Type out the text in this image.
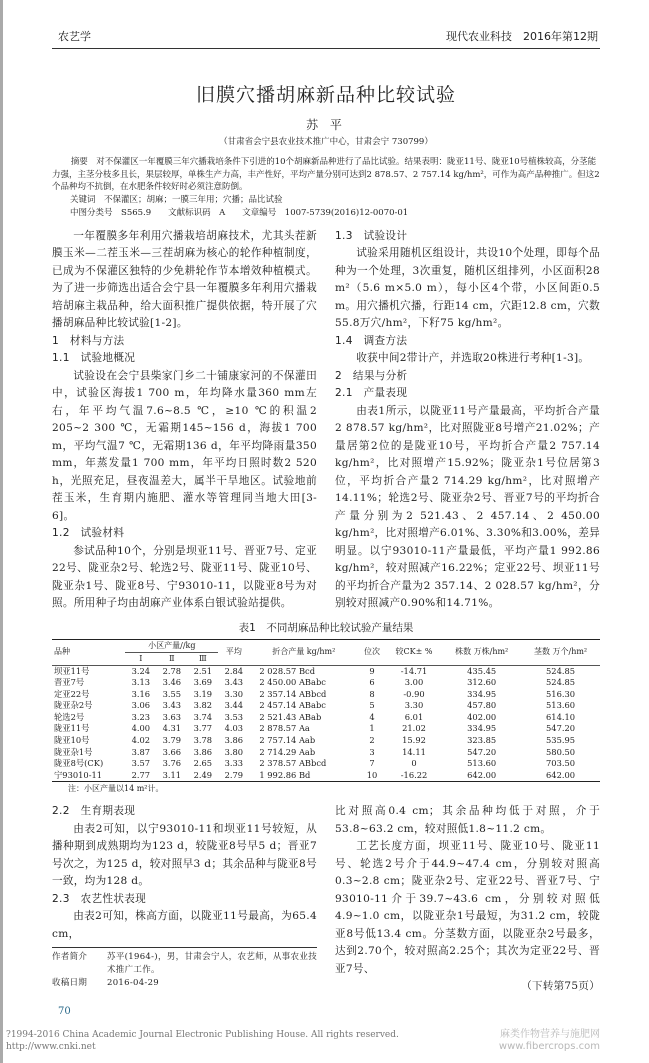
农艺学	现代农业科技　 2016年第12期
旧膜穴播胡麻新品种比较试验
苏 平
（甘肃省会宁县农业技术推广中心，甘肃会宁 730799）
摘要　对不保灌区一年覆膜三年穴播栽培条件下引进的10个胡麻新品种进行了品比试验。结果表明：陇亚11号、陇亚10号植株较高，分茎能力强，主茎分枝多且长，果层较厚，单株生产力高，丰产性好，平均产量分别可达到2 878.57、2 757.14 kg/hm²，可作为高产品种推广。但这2个品种均不抗倒，在水肥条件较好时必须注意防倒。
关键词　不保灌区；胡麻；一膜三年用；穴播；品比试验
中图分类号　S565.9　　文献标识码　A　　文章编号　1007-5739(2016)12-0070-01

一年覆膜多年利用穴播栽培胡麻技术，尤其头茬新膜玉米—二茬玉米—三茬胡麻为核心的轮作种植制度，已成为不保灌区独特的少免耕轮作节本增效种植模式。为了进一步筛选出适合会宁县一年覆膜多年利用穴播栽培胡麻主栽品种，给大面积推广提供依据，特开展了穴播胡麻品种比较试验[1-2]。

1　材料与方法
1.1　试验地概况

试验设在会宁县柴家门乡二十铺康家河的不保灌田中，试验区海拔1 700 m，年均降水量360 mm左右，年平均气温7.6~8.5 ℃，≥10 ℃的积温2 205~2 300 ℃，无霜期145~156 d，海拔1 700 m，平均气温7 ℃，无霜期136 d，年平均降雨量350 mm，年蒸发量1 700 mm，年平均日照时数2 520 h，光照充足，昼夜温差大，属半干旱地区。试验地前茬玉米，生育期内施肥、灌水等管理同当地大田[3-6]。

1.2　试验材料

参试品种10个，分别是坝亚11号、晋亚7号、定亚22号、陇亚杂2号、轮选2号、陇亚11号、陇亚10号、陇亚杂1号、陇亚8号、宁93010-11，以陇亚8号为对照。所用种子均由胡麻产业体系白银试验站提供。

1.3　试验设计

试验采用随机区组设计，共设10个处理，即每个品种为一个处理，3次重复，随机区组排列，小区面积28 m²（5.6 m×5.0 m），每小区4个带，小区间距0.5 m。用穴播机穴播，行距14 cm，穴距12.8 cm，穴数55.8万穴/hm²，下籽75 kg/hm²。

1.4　调查方法

收获中间2带计产，并选取20株进行考种[1-3]。

2　结果与分析
2.1　产量表现

由表1所示，以陇亚11号产量最高，平均折合产量2 878.57 kg/hm²，比对照陇亚8号增产21.02%；产量居第2位的是陇亚10号，平均折合产量2 757.14 kg/hm²，比对照增产15.92%；陇亚杂1号位居第3位，平均折合产量2 714.29 kg/hm²，比对照增产14.11%；轮选2号、陇亚杂2号、晋亚7号的平均折合产量分别为2 521.43、2 457.14、2 450.00 kg/hm²，比对照增产6.01%、3.30%和3.00%，差异明显。以宁93010-11产量最低，平均产量1 992.86 kg/hm²，较对照减产16.22%；定亚22号、坝亚11号的平均折合产量为2 357.14、2 028.57 kg/hm²，分别较对照减产0.90%和14.71%。

表1　不同胡麻品种比较试验产量结果
品种	小区产量//kg			平均	折合产量 kg/hm²	位次	较CK± %	株数 万株/hm²	茎数 万个/hm²
	Ⅰ	Ⅱ	Ⅲ						
坝亚11号	3.24	2.78	2.51	2.84	2 028.57 Bcd	9	-14.71	435.45	524.85
晋亚7号	3.13	3.46	3.69	3.43	2 450.00 ABabc	6	3.00	312.60	524.85
定亚22号	3.16	3.55	3.19	3.30	2 357.14 ABbcd	8	-0.90	334.95	516.30
陇亚杂2号	3.06	3.43	3.82	3.44	2 457.14 ABabc	5	3.30	457.80	513.60
轮选2号	3.23	3.63	3.74	3.53	2 521.43 ABab	4	6.01	402.00	614.10
陇亚11号	4.00	4.31	3.77	4.03	2 878.57 Aa	1	21.02	334.95	547.20
陇亚10号	4.02	3.79	3.78	3.86	2 757.14 Aab	2	15.92	323.85	535.95
陇亚杂1号	3.87	3.66	3.86	3.80	2 714.29 Aab	3	14.11	547.20	580.50
陇亚8号(CK)	3.57	3.76	2.65	3.33	2 378.57 ABbcd	7	0	513.60	703.50
宁93010-11	2.77	3.11	2.49	2.79	1 992.86 Bd	10	-16.22	642.00	642.00
注：小区产量以14 m²计。
2.2　生育期表现

由表2可知，以宁93010-11和坝亚11号较短，从播种期到成熟期均为123 d，较陇亚8号早5 d；晋亚7号次之，为125 d，较对照早3 d；其余品种与陇亚8号一致，均为128 d。

2.3　农艺性状表现

由表2可知，株高方面，以陇亚11号最高，为65.4 cm，

作者简介	苏平(1964-)，男，甘肃会宁人，农艺师，从事农业技术推广工作。
收稿日期	2016-04-29

比对照高0.4 cm；其余品种均低于对照，介于53.8~63.2 cm，较对照低1.8~11.2 cm。

工艺长度方面，坝亚11号、陇亚10号、陇亚11号、轮选2号介于44.9~47.4 cm，分别较对照高0.3~2.8 cm；陇亚杂2号、定亚22号、晋亚7号、宁93010-11介于39.7~43.6 cm，分别较对照低4.9~1.0 cm，以陇亚杂1号最短，为31.2 cm，较陇亚8号低13.4 cm。分茎数方面，以陇亚杂2号最多，达到2.70个，较对照高2.25个；其次为定亚22号、晋亚7号、

（下转第75页）
70
?1994-2016 China Academic Journal Electronic Publishing House. All rights reserved.　http://www.cnki.net
麻类作物营养与施肥网
www.fibercrops.com
